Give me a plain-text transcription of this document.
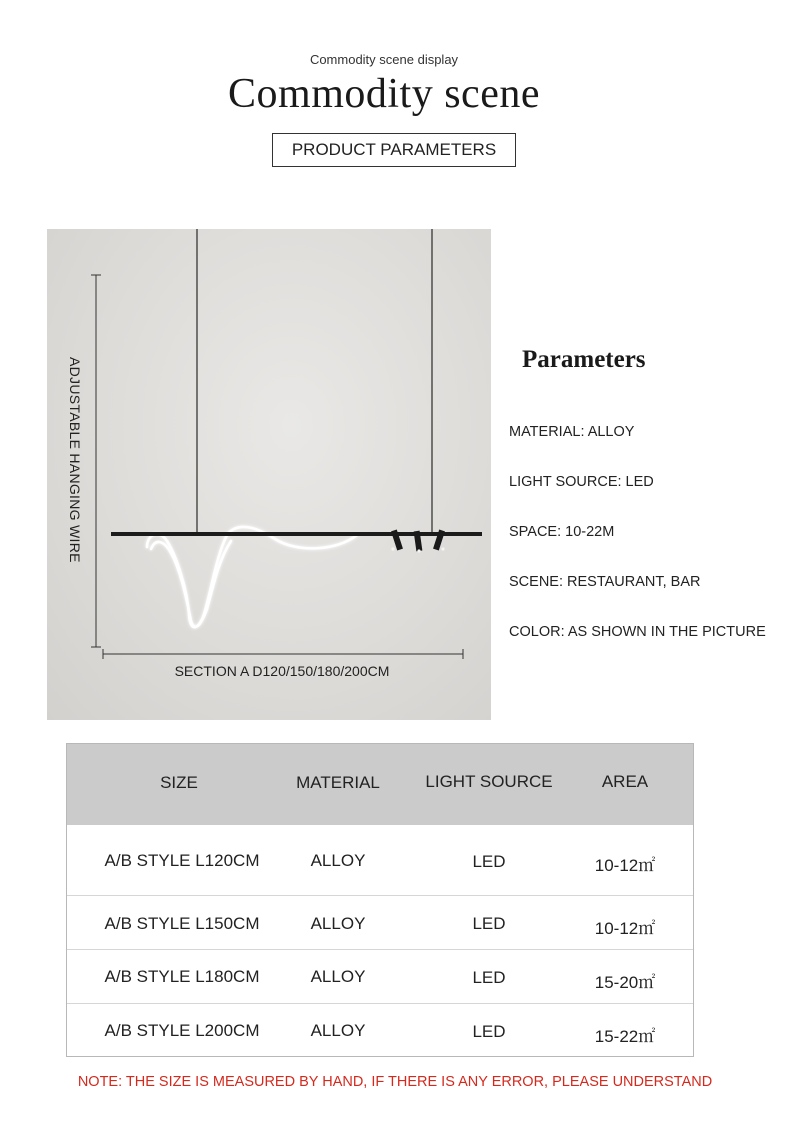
Commodity scene display
Commodity scene
PRODUCT PARAMETERS
ADJUSTABLE HANGING WIRE
SECTION A D120/150/180/200CM
Parameters
MATERIAL: ALLOY
LIGHT SOURCE: LED
SPACE: 10-22M
SCENE: RESTAURANT, BAR
COLOR: AS SHOWN IN THE PICTURE
SIZE	MATERIAL	LIGHT SOURCE	AREA
A/B STYLE L120CM	ALLOY	LED	10-12㎡
A/B STYLE L150CM	ALLOY	LED	10-12㎡
A/B STYLE L180CM	ALLOY	LED	15-20㎡
A/B STYLE L200CM	ALLOY	LED	15-22㎡
NOTE: THE SIZE IS MEASURED BY HAND, IF THERE IS ANY ERROR, PLEASE UNDERSTAND
